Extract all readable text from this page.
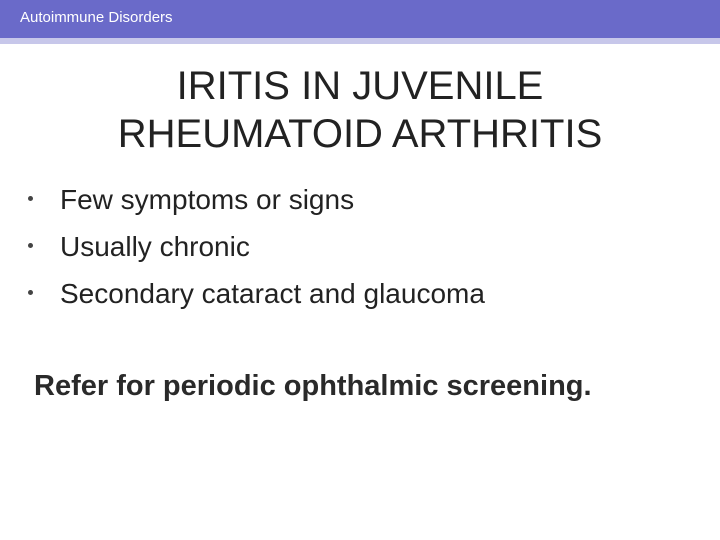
Autoimmune Disorders
IRITIS IN JUVENILE
RHEUMATOID ARTHRITIS
Few symptoms or signs
Usually chronic
Secondary cataract and glaucoma
Refer for periodic ophthalmic screening.
